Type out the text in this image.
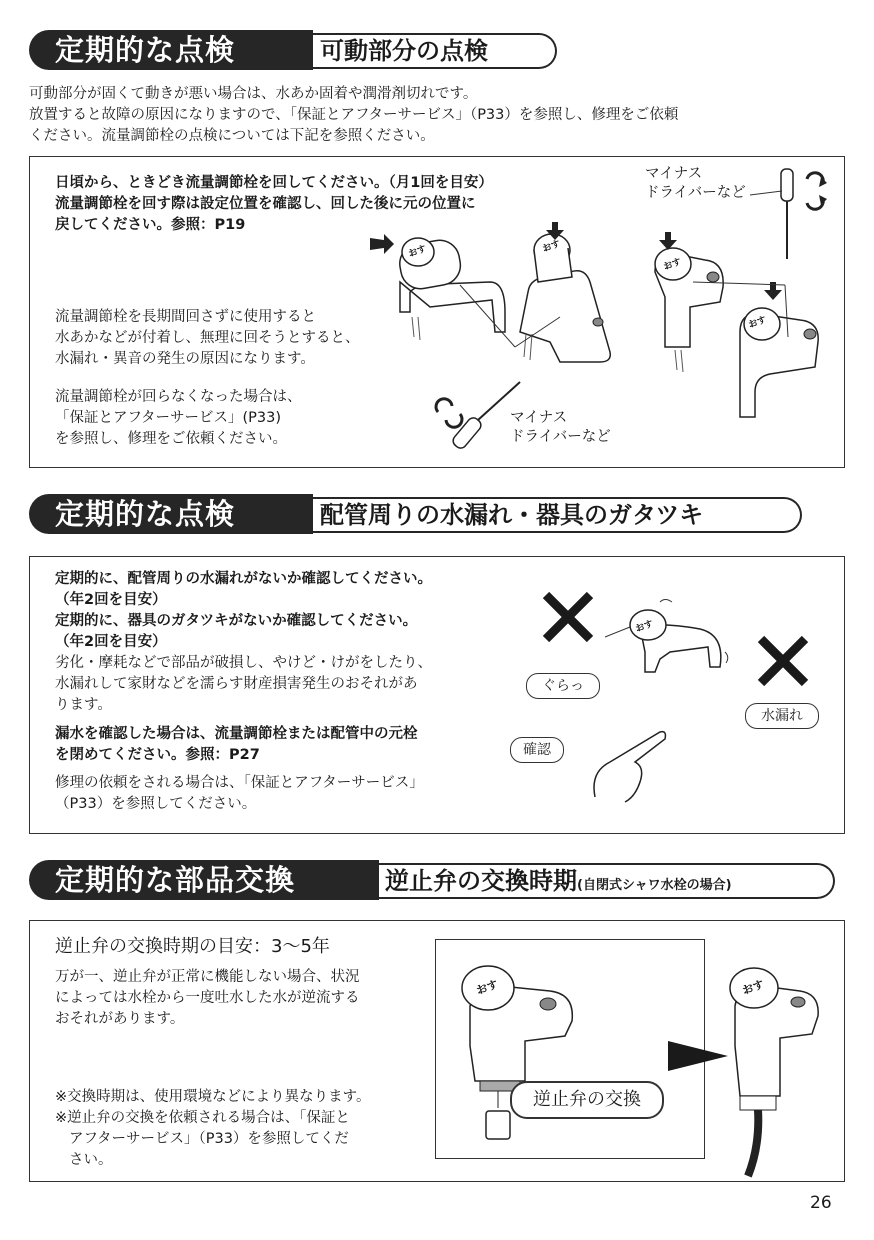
可動部分の点検
定期的な点検
可動部分が固くて動きが悪い場合は、水あか固着や潤滑剤切れです。
放置すると故障の原因になりますので、「保証とアフターサービス」（P33）を参照し、修理をご依頼
ください。流量調節栓の点検については下記を参照ください。
日頃から、ときどき流量調節栓を回してください。（月1回を目安）
流量調節栓を回す際は設定位置を確認し、回した後に元の位置に
戻してください。参照：P19
流量調節栓を長期間回さずに使用すると
水あかなどが付着し、無理に回そうとすると、
水漏れ・異音の発生の原因になります。
流量調節栓が回らなくなった場合は、
「保証とアフターサービス」(P33)
を参照し、修理をご依頼ください。
マイナス
ドライバーなど
マイナス
ドライバーなど
おす	おす
おす
おす
配管周りの水漏れ・器具のガタツキ
定期的な点検
定期的に、配管周りの水漏れがないか確認してください。
（年2回を目安）
定期的に、器具のガタツキがないか確認してください。
（年2回を目安）
劣化・摩耗などで部品が破損し、やけど・けがをしたり、
水漏れして家財などを濡らす財産損害発生のおそれがあ
ります。
漏水を確認した場合は、流量調節栓または配管中の元栓
を閉めてください。参照：P27
修理の依頼をされる場合は、「保証とアフターサービス」
（P33）を参照してください。
おす
ぐらっ
水漏れ
確認
逆止弁の交換時期(自閉式シャワ水栓の場合)
定期的な部品交換
逆止弁の交換時期の目安：3〜5年
万が一、逆止弁が正常に機能しない場合、状況
によっては水栓から一度吐水した水が逆流する
おそれがあります。
※交換時期は、使用環境などにより異なります。
※逆止弁の交換を依頼される場合は、「保証と
アフターサービス」（P33）を参照してくだ
さい。
おす	おす
逆止弁の交換
26
